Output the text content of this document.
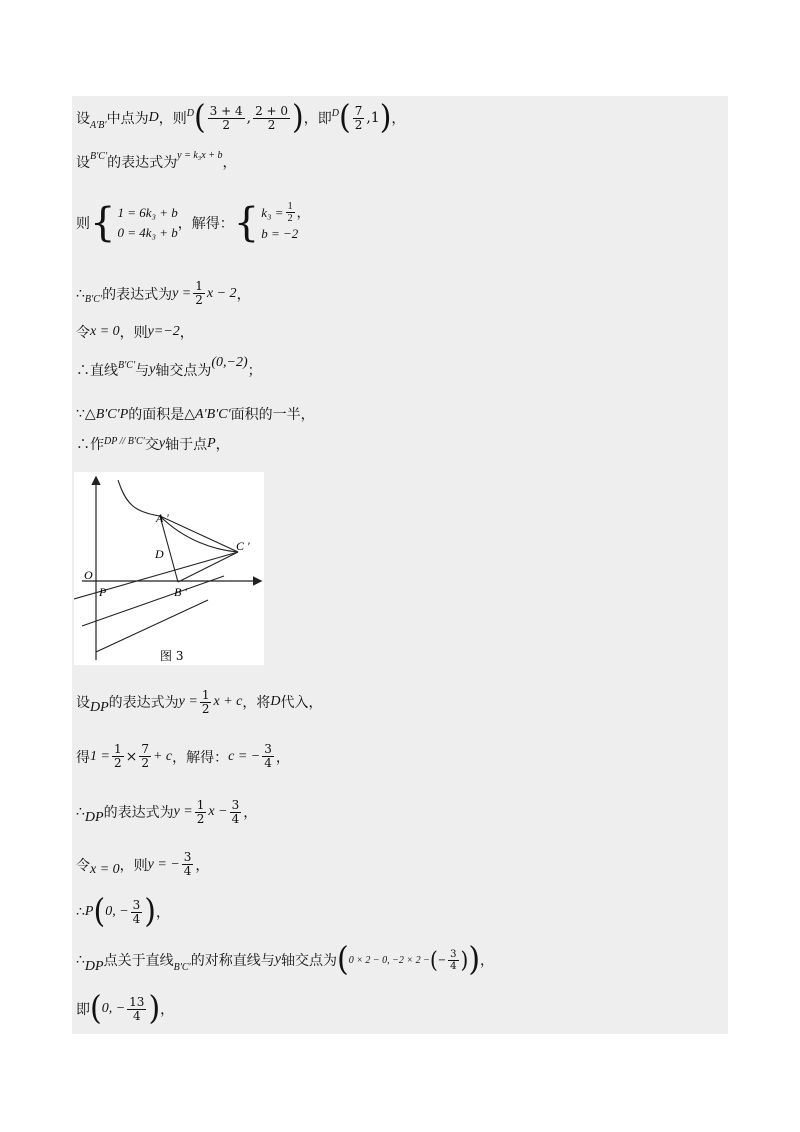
设 A′B′ 中点为 D ，则 D ( $\frac{3 + 4}{2}$ , $\frac{2 + 0}{2}$ ) ，即 D ( $\frac{7}{2} ,1$ ) ，
设 B′C′ 的表达式为 y = k₃x + b ，
则 { 1 = 6k₃ + b
0 = 4k₃ + b
，解得： { $k_3 = \frac{1}{2}$ ，
b = −2
∴ B′C′ 的表达式为 $y = \frac{1}{2}$ x − 2 ，
令 x = 0 ，则 y=−2 ，
∴直线 B′C′ 与 y 轴交点为
(0,−2)
；
∵ △B′C′P 的面积是 △A′B′C′ 面积的一半，
∴作 DP // B′C′ 交 y 轴于点 P ，
A ′
C ′
D
O
P	B ′
图 3
设 DP 的表达式为 $y = \frac{1}{2}$ x + c ，将 D 代入，
得 $1 = \frac{1}{2} \times \frac{7}{2} + c$ ，解得： c = − $\frac{3}{4}$ ，
∴ DP 的表达式为 $y = \frac{1}{2}$ $x - \frac{3}{4}$ ，
令 x = 0 ，则 y = − $\frac{3}{4}$ ，
∴ P ( 0, − $\frac{3}{4}$ ) ，
∴ DP 点关于直线 B′C′ 的对称直线与 y 轴交点为 ( 0 × 2 − 0, −2 × 2 − ( − $\frac{3}{4}$ ) ) ，
即 ( 0, − $\frac{13}{4}$ ) ，
